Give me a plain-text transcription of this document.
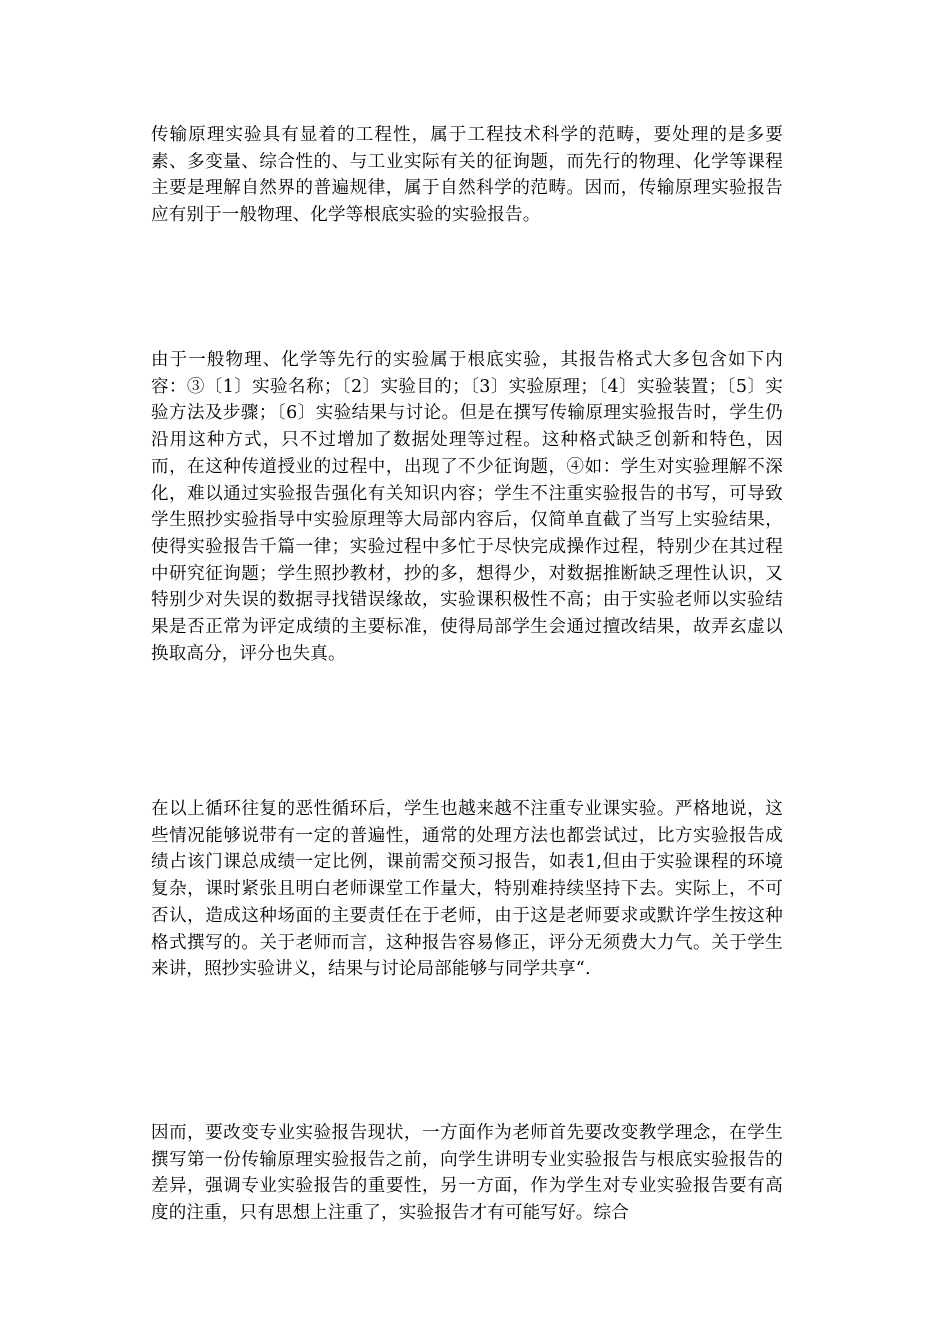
传输原理实验具有显着的工程性，属于工程技术科学的范畴，要处理的是多要素、多变量、综合性的、与工业实际有关的征询题，而先行的物理、化学等课程主要是理解自然界的普遍规律，属于自然科学的范畴。因而，传输原理实验报告应有别于一般物理、化学等根底实验的实验报告。

由于一般物理、化学等先行的实验属于根底实验，其报告格式大多包含如下内容：③〔1〕实验名称；〔2〕实验目的；〔3〕实验原理；〔4〕实验装置；〔5〕实验方法及步骤；〔6〕实验结果与讨论。但是在撰写传输原理实验报告时，学生仍沿用这种方式，只不过增加了数据处理等过程。这种格式缺乏创新和特色，因而，在这种传道授业的过程中，出现了不少征询题，④如：学生对实验理解不深化，难以通过实验报告强化有关知识内容；学生不注重实验报告的书写，可导致学生照抄实验指导中实验原理等大局部内容后，仅简单直截了当写上实验结果，使得实验报告千篇一律；实验过程中多忙于尽快完成操作过程，特别少在其过程中研究征询题；学生照抄教材，抄的多，想得少，对数据推断缺乏理性认识，又特别少对失误的数据寻找错误缘故，实验课积极性不高；由于实验老师以实验结果是否正常为评定成绩的主要标准，使得局部学生会通过擅改结果，故弄玄虚以换取高分，评分也失真。

在以上循环往复的恶性循环后，学生也越来越不注重专业课实验。严格地说，这些情况能够说带有一定的普遍性，通常的处理方法也都尝试过，比方实验报告成绩占该门课总成绩一定比例，课前需交预习报告，如表1,但由于实验课程的环境复杂，课时紧张且明白老师课堂工作量大，特别难持续坚持下去。实际上，不可否认，造成这种场面的主要责任在于老师，由于这是老师要求或默许学生按这种格式撰写的。关于老师而言，这种报告容易修正，评分无须费大力气。关于学生来讲，照抄实验讲义，结果与讨论局部能够与同学共享“.

因而，要改变专业实验报告现状，一方面作为老师首先要改变教学理念，在学生撰写第一份传输原理实验报告之前，向学生讲明专业实验报告与根底实验报告的差异，强调专业实验报告的重要性，另一方面，作为学生对专业实验报告要有高度的注重，只有思想上注重了，实验报告才有可能写好。综合
